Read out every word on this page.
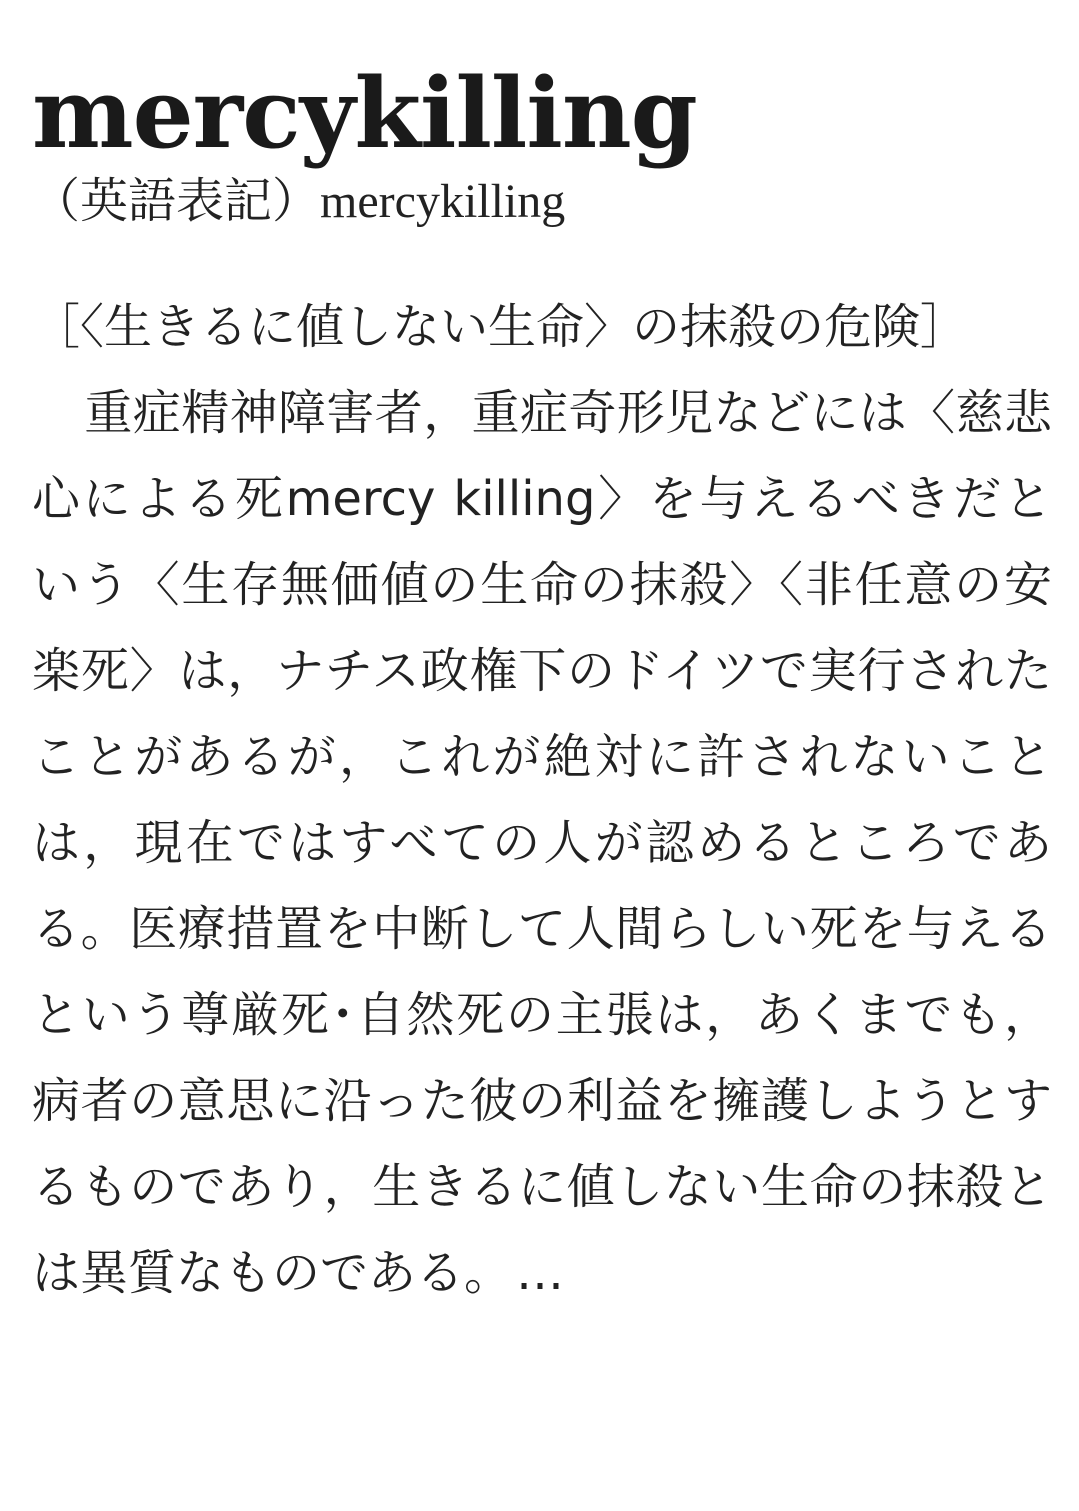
mercykilling

（英語表記）mercykilling

［〈生きるに値しない生命〉の抹殺の危険］

重症精神障害者，重症奇形児などには〈慈悲心による死mercy killing〉を与えるべきだという〈生存無価値の生命の抹殺〉〈非任意の安楽死〉は，ナチス政権下のドイツで実行されたことがあるが，これが絶対に許されないことは，現在ではすべての人が認めるところである。医療措置を中断して人間らしい死を与えるという尊厳死･自然死の主張は，あくまでも，病者の意思に沿った彼の利益を擁護しようとするものであり，生きるに値しない生命の抹殺とは異質なものである。…
